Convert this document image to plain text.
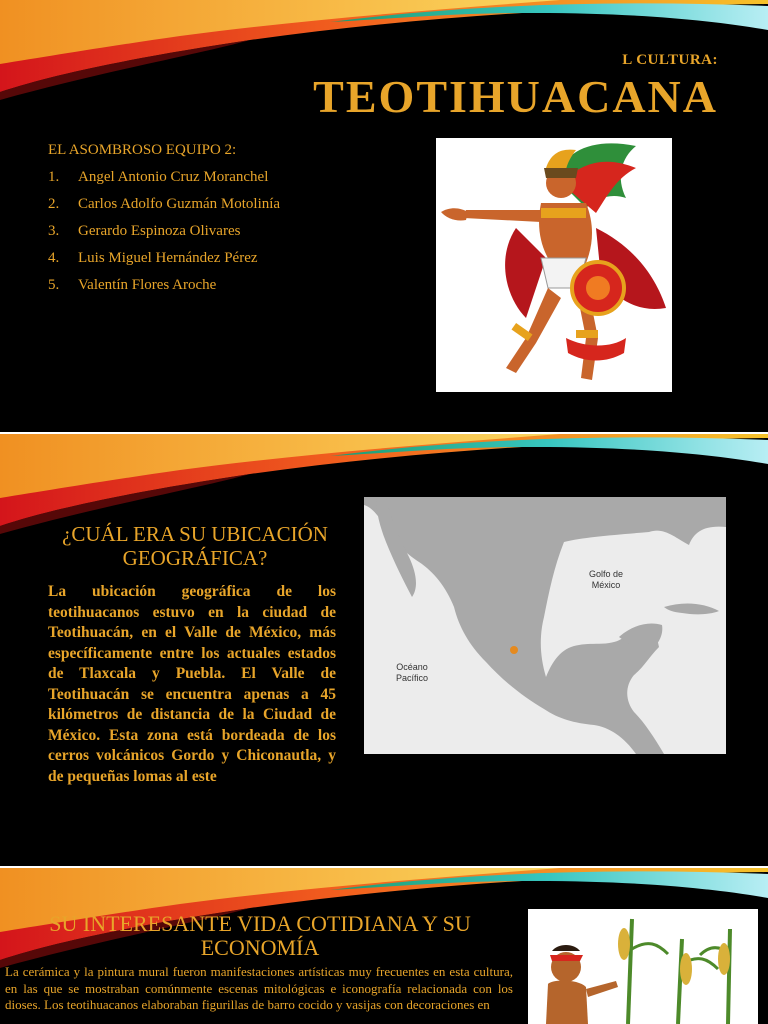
L CULTURA:
TEOTIHUACANA
EL ASOMBROSO EQUIPO 2:
1.	Angel Antonio Cruz Moranchel
2.	Carlos Adolfo Guzmán Motolinía
3.	Gerardo Espinoza Olivares
4.	Luis Miguel Hernández Pérez
5.	Valentín Flores Aroche
¿CUÁL ERA SU UBICACIÓN GEOGRÁFICA?
La ubicación geográfica de los teotihuacanos estuvo en la ciudad de Teotihuacán, en el Valle de México, más específicamente entre los actuales estados de Tlaxcala y Puebla. El Valle de Teotihuacán se encuentra apenas a 45 kilómetros de distancia de la Ciudad de México. Esta zona está bordeada de los cerros volcánicos Gordo y Chiconautla, y de pequeñas lomas al este
Golfo de
México
Océano
Pacífico
SU INTERESANTE VIDA COTIDIANA Y SU ECONOMÍA
La cerámica y la pintura mural fueron manifestaciones artísticas muy frecuentes en esta cultura, en las que se mostraban comúnmente escenas mitológicas e iconografía relacionada con los dioses. Los teotihuacanos elaboraban figurillas de barro cocido y vasijas con decoraciones en
